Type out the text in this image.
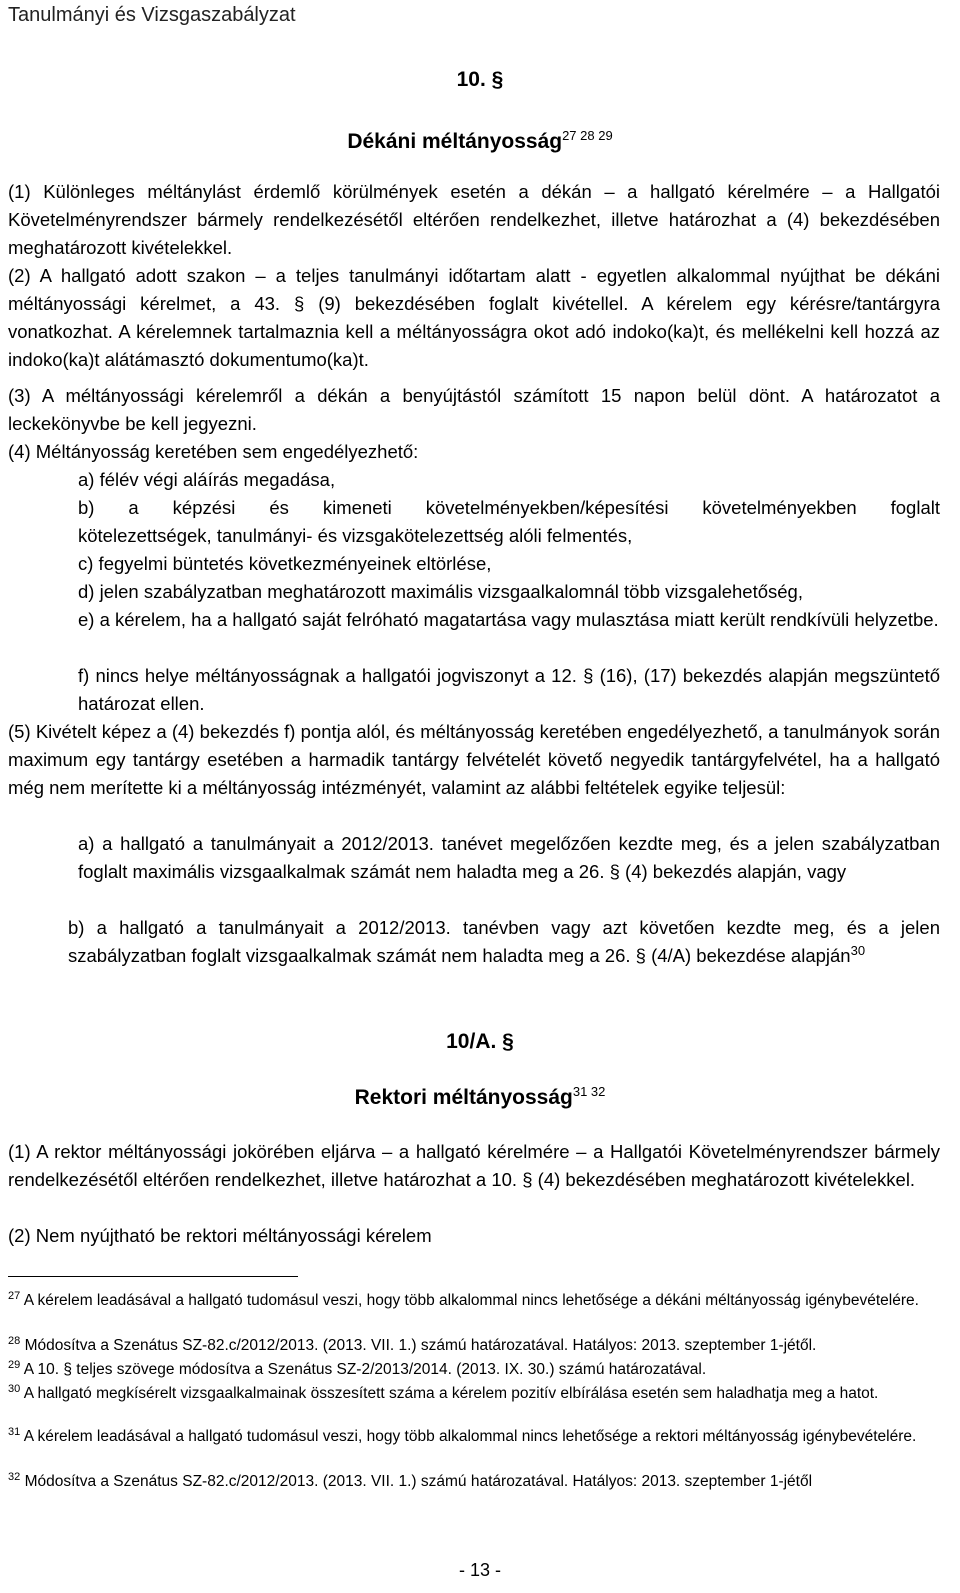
Tanulmányi és Vizsgaszabályzat
10. §
Dékáni méltányosság$^{27 28 29}$
(1) Különleges méltánylást érdemlő körülmények esetén a dékán – a hallgató kérelmére – a Hallgatói Követelményrendszer bármely rendelkezésétől eltérően rendelkezhet, illetve határozhat a (4) bekezdésében meghatározott kivételekkel.
(2) A hallgató adott szakon – a teljes tanulmányi időtartam alatt - egyetlen alkalommal nyújthat be dékáni méltányossági kérelmet, a 43. § (9) bekezdésében foglalt kivétellel. A kérelem egy kérésre/tantárgyra vonatkozhat. A kérelemnek tartalmaznia kell a méltányosságra okot adó indoko(ka)t, és mellékelni kell hozzá az indoko(ka)t alátámasztó dokumentumo(ka)t.
(3) A méltányossági kérelemről a dékán a benyújtástól számított 15 napon belül dönt. A határozatot a leckekönyvbe be kell jegyezni.
(4) Méltányosság keretében sem engedélyezhető:
a) félév végi aláírás megadása,
b) a képzési és kimeneti követelményekben/képesítési követelményekben foglalt
kötelezettségek, tanulmányi- és vizsgakötelezettség alóli felmentés,
c) fegyelmi büntetés következményeinek eltörlése,
d) jelen szabályzatban meghatározott maximális vizsgaalkalomnál több vizsgalehetőség,
e) a kérelem, ha a hallgató saját felróható magatartása vagy mulasztása miatt került rendkívüli helyzetbe.
f) nincs helye méltányosságnak a hallgatói jogviszonyt a 12. § (16), (17) bekezdés alapján megszüntető határozat ellen.
(5) Kivételt képez a (4) bekezdés f) pontja alól, és méltányosság keretében engedélyezhető, a tanulmányok során maximum egy tantárgy esetében a harmadik tantárgy felvételét követő negyedik tantárgyfelvétel, ha a hallgató még nem merítette ki a méltányosság intézményét, valamint az alábbi feltételek egyike teljesül:
a) a hallgató a tanulmányait a 2012/2013. tanévet megelőzően kezdte meg, és a jelen szabályzatban foglalt maximális vizsgaalkalmak számát nem haladta meg a 26. § (4) bekezdés alapján, vagy
b) a hallgató a tanulmányait a 2012/2013. tanévben vagy azt követően kezdte meg, és a jelen szabályzatban foglalt vizsgaalkalmak számát nem haladta meg a 26. § (4/A) bekezdése alapján$^{30}$
10/A. §
Rektori méltányosság$^{31 32}$
(1) A rektor méltányossági jokörében eljárva – a hallgató kérelmére – a Hallgatói Követelményrendszer bármely rendelkezésétől eltérően rendelkezhet, illetve határozhat a 10. § (4) bekezdésében meghatározott kivételekkel.
(2) Nem nyújtható be rektori méltányossági kérelem
$^{27}$ A kérelem leadásával a hallgató tudomásul veszi, hogy több alkalommal nincs lehetősége a dékáni méltányosság igénybevételére.
$^{28}$ Módosítva a Szenátus SZ-82.c/2012/2013. (2013. VII. 1.) számú határozatával. Hatályos: 2013. szeptember 1-jétől.
$^{29}$ A 10. § teljes szövege módosítva a Szenátus SZ-2/2013/2014. (2013. IX. 30.) számú határozatával.
$^{30}$ A hallgató megkísérelt vizsgaalkalmainak összesített száma a kérelem pozitív elbírálása esetén sem haladhatja meg a hatot.
$^{31}$ A kérelem leadásával a hallgató tudomásul veszi, hogy több alkalommal nincs lehetősége a rektori méltányosság igénybevételére.
$^{32}$ Módosítva a Szenátus SZ-82.c/2012/2013. (2013. VII. 1.) számú határozatával. Hatályos: 2013. szeptember 1-jétől
- 13 -
